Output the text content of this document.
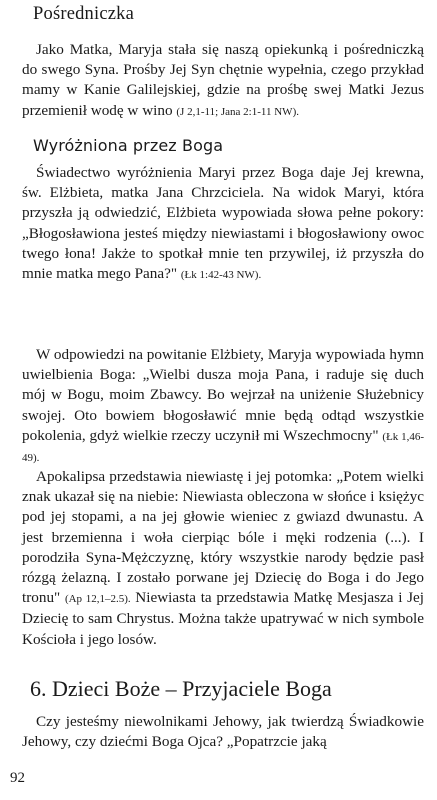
Pośredniczka

Jako Matka, Maryja stała się naszą opiekunką i pośredniczką do swego Syna. Prośby Jej Syn chętnie wypełnia, czego przykład mamy w Kanie Galilejskiej, gdzie na prośbę swej Matki Jezus przemienił wodę w wino (J 2,1-11; Jana 2:1-11 NW).

Wyróżniona przez Boga

Świadectwo wyróżnienia Maryi przez Boga daje Jej krewna, św. Elżbieta, matka Jana Chrzciciela. Na widok Maryi, która przyszła ją odwiedzić, Elżbieta wypowiada słowa pełne pokory: „Błogosławiona jesteś między niewiastami i błogosławiony owoc twego łona! Jakże to spotkał mnie ten przywilej, iż przyszła do mnie matka mego Pana?" (Łk 1:42-43 NW).

W odpowiedzi na powitanie Elżbiety, Maryja wypowiada hymn uwielbienia Boga: „Wielbi dusza moja Pana, i raduje się duch mój w Bogu, moim Zbawcy. Bo wejrzał na uniżenie Służebnicy swojej. Oto bowiem błogosławić mnie będą odtąd wszystkie pokolenia, gdyż wielkie rzeczy uczynił mi Wszechmocny" (Łk 1,46-49).

Apokalipsa przedstawia niewiastę i jej potomka: „Potem wielki znak ukazał się na niebie: Niewiasta obleczona w słońce i księżyc pod jej stopami, a na jej głowie wieniec z gwiazd dwunastu. A jest brzemienna i woła cierpiąc bóle i męki rodzenia (...). I porodziła Syna-Mężczyznę, który wszystkie narody będzie pasł rózgą żelazną. I zostało porwane jej Dziecię do Boga i do Jego tronu" (Ap 12,1–2.5). Niewiasta ta przedstawia Matkę Mesjasza i Jej Dziecię to sam Chrystus. Można także upatrywać w nich symbole Kościoła i jego losów.

6. Dzieci Boże – Przyjaciele Boga

Czy jesteśmy niewolnikami Jehowy, jak twierdzą Świadkowie Jehowy, czy dziećmi Boga Ojca? „Popatrzcie jaką

92
